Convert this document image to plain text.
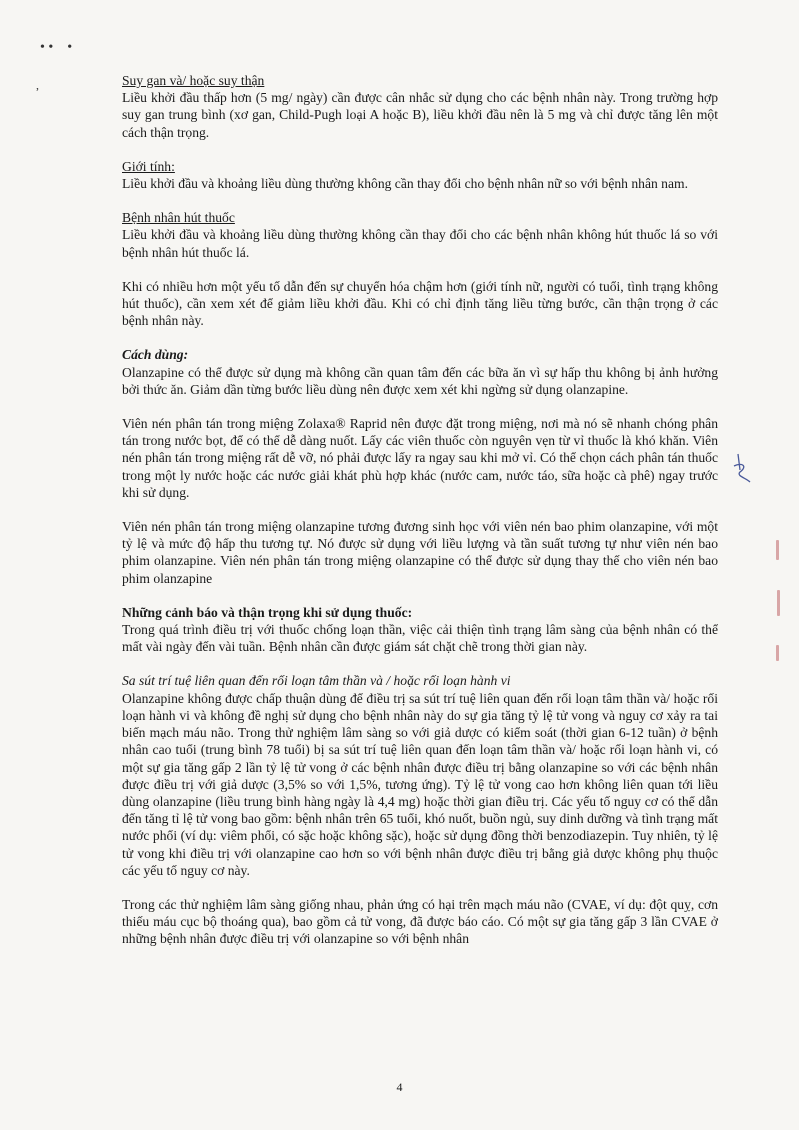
• •    •
,	Suy gan và/ hoặc suy thận

Liều khởi đầu thấp hơn (5 mg/ ngày) cần được cân nhắc sử dụng cho các bệnh nhân này. Trong trường hợp suy gan trung bình (xơ gan, Child-Pugh loại A hoặc B), liều khởi đầu nên là 5 mg và chỉ được tăng lên một cách thận trọng.

Giới tính:

Liều khởi đầu và khoảng liều dùng thường không cần thay đổi cho bệnh nhân nữ so với bệnh nhân nam.

Bệnh nhân hút thuốc

Liều khởi đầu và khoảng liều dùng thường không cần thay đổi cho các bệnh nhân không hút thuốc lá so với bệnh nhân hút thuốc lá.

Khi có nhiều hơn một yếu tố dẫn đến sự chuyển hóa chậm hơn (giới tính nữ, người có tuổi, tình trạng không hút thuốc), cần xem xét để giảm liều khởi đầu. Khi có chỉ định tăng liều từng bước, cần thận trọng ở các bệnh nhân này.

Cách dùng:

Olanzapine có thể được sử dụng mà không cần quan tâm đến các bữa ăn vì sự hấp thu không bị ảnh hưởng bởi thức ăn. Giảm dần từng bước liều dùng nên được xem xét khi ngừng sử dụng olanzapine.

Viên nén phân tán trong miệng Zolaxa® Raprid nên được đặt trong miệng, nơi mà nó sẽ nhanh chóng phân tán trong nước bọt, để có thể dễ dàng nuốt. Lấy các viên thuốc còn nguyên vẹn từ vỉ thuốc là khó khăn. Viên nén phân tán trong miệng rất dễ vỡ, nó phải được lấy ra ngay sau khi mở vỉ. Có thể chọn cách phân tán thuốc trong một ly nước hoặc các nước giải khát phù hợp khác (nước cam, nước táo, sữa hoặc cà phê) ngay trước khi sử dụng.

Viên nén phân tán trong miệng olanzapine tương đương sinh học với viên nén bao phim olanzapine, với một tỷ lệ và mức độ hấp thu tương tự. Nó được sử dụng với liều lượng và tần suất tương tự như viên nén bao phim olanzapine. Viên nén phân tán trong miệng olanzapine có thể được sử dụng thay thế cho viên nén bao phim olanzapine

Những cảnh báo và thận trọng khi sử dụng thuốc:

Trong quá trình điều trị với thuốc chống loạn thần, việc cải thiện tình trạng lâm sàng của bệnh nhân có thể mất vài ngày đến vài tuần. Bệnh nhân cần được giám sát chặt chẽ trong thời gian này.

Sa sút trí tuệ liên quan đến rối loạn tâm thần và / hoặc rối loạn hành vi

Olanzapine không được chấp thuận dùng để điều trị sa sút trí tuệ liên quan đến rối loạn tâm thần và/ hoặc rối loạn hành vi và không đề nghị sử dụng cho bệnh nhân này do sự gia tăng tỷ lệ tử vong và nguy cơ xảy ra tai biến mạch máu não. Trong thử nghiệm lâm sàng so với giả dược có kiểm soát (thời gian 6-12 tuần) ở bệnh nhân cao tuổi (trung bình 78 tuổi) bị sa sút trí tuệ liên quan đến loạn tâm thần và/ hoặc rối loạn hành vi, có một sự gia tăng gấp 2 lần tỷ lệ tử vong ở các bệnh nhân được điều trị bằng olanzapine so với các bệnh nhân được điều trị với giả dược (3,5% so với 1,5%, tương ứng). Tỷ lệ tử vong cao hơn không liên quan tới liều dùng olanzapine (liều trung bình hàng ngày là 4,4 mg) hoặc thời gian điều trị. Các yếu tố nguy cơ có thể dẫn đến tăng tỉ lệ tử vong bao gồm: bệnh nhân trên 65 tuổi, khó nuốt, buồn ngủ, suy dinh dưỡng và tình trạng mất nước phổi (ví dụ: viêm phổi, có sặc hoặc không sặc), hoặc sử dụng đồng thời benzodiazepin. Tuy nhiên, tỷ lệ tử vong khi điều trị với olanzapine cao hơn so với bệnh nhân được điều trị bằng giả dược không phụ thuộc các yếu tố nguy cơ này.

Trong các thử nghiệm lâm sàng giống nhau, phản ứng có hại trên mạch máu não (CVAE, ví dụ: đột quỵ, cơn thiếu máu cục bộ thoáng qua), bao gồm cả tử vong, đã được báo cáo. Có một sự gia tăng gấp 3 lần CVAE ở những bệnh nhân được điều trị với olanzapine so với bệnh nhân

4
